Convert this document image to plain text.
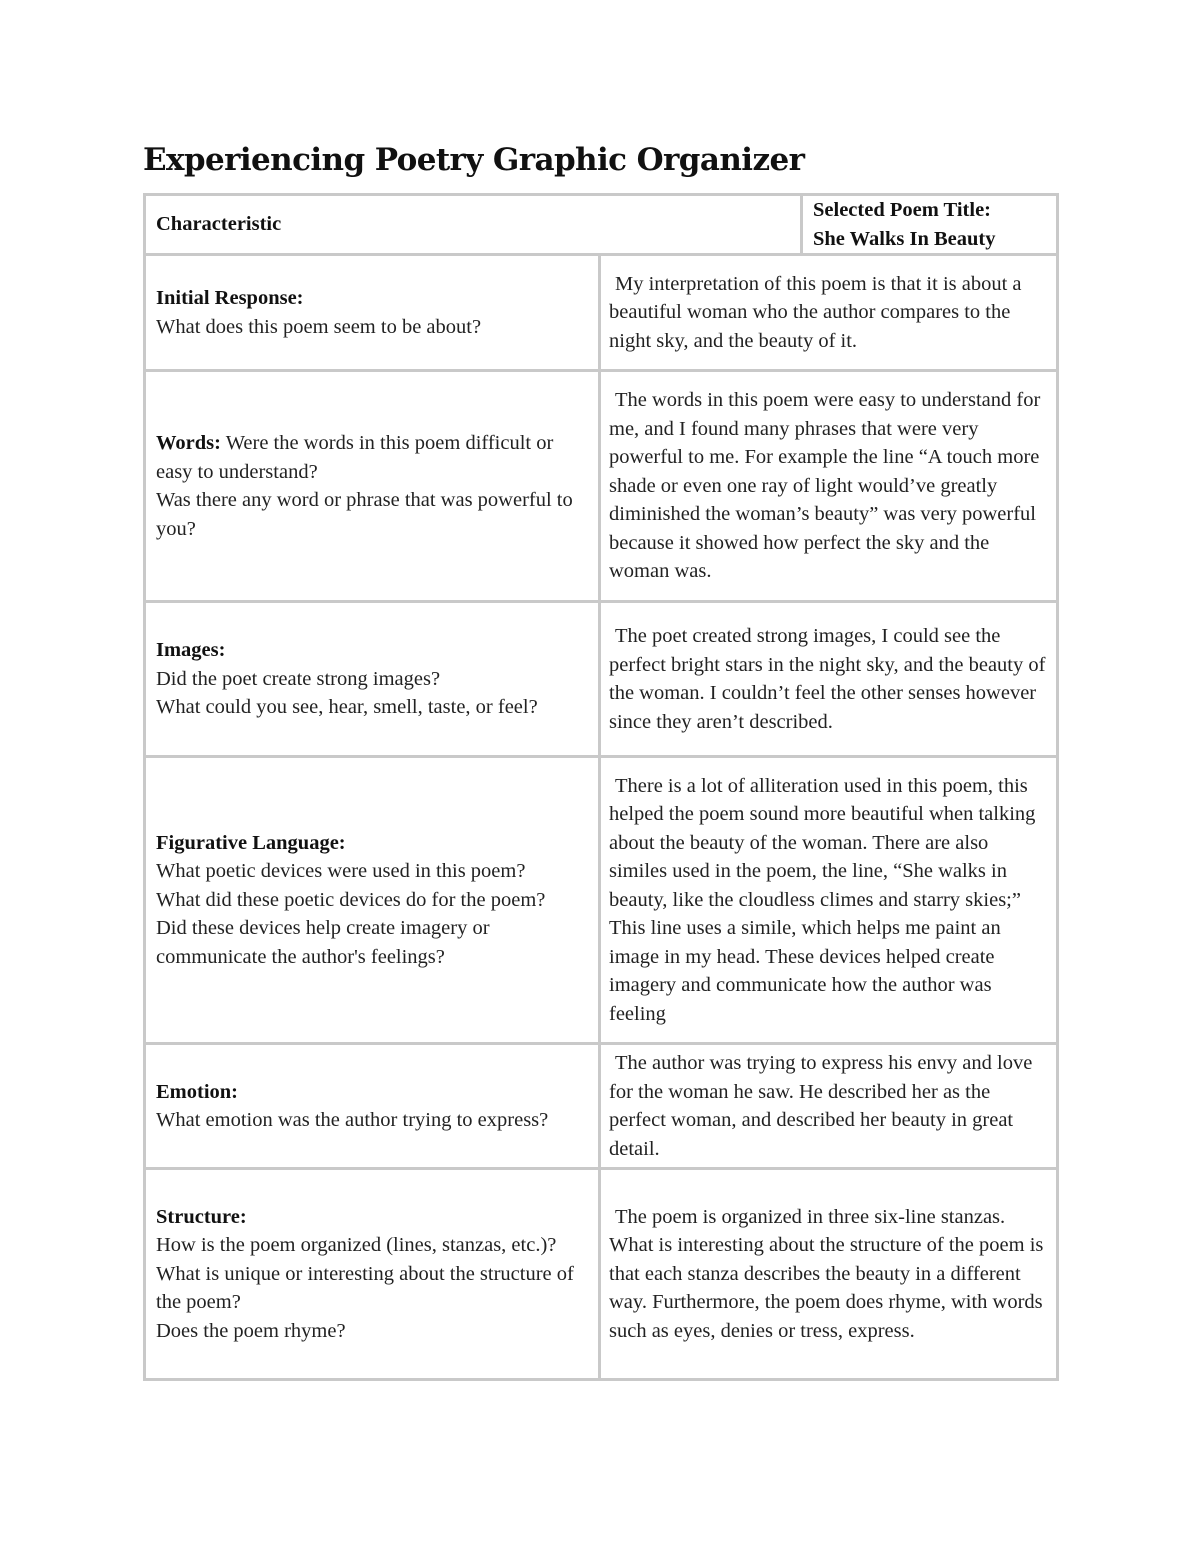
Experiencing Poetry Graphic Organizer
Characteristic
Selected Poem Title:
She Walks In Beauty
Initial Response:
What does this poem seem to be about?
My interpretation of this poem is that it is about a beautiful woman who the author compares to the night sky, and the beauty of it.
Words: Were the words in this poem difficult or easy to understand?
Was there any word or phrase that was powerful to you?
The words in this poem were easy to understand for me, and I found many phrases that were very powerful to me. For example the line “A touch more shade or even one ray of light would’ve greatly diminished the woman’s beauty” was very powerful because it showed how perfect the sky and the woman was.
Images:
Did the poet create strong images?
What could you see, hear, smell, taste, or feel?
The poet created strong images, I could see the perfect bright stars in the night sky, and the beauty of the woman. I couldn’t feel the other senses however since they aren’t described.
Figurative Language:
What poetic devices were used in this poem?
What did these poetic devices do for the poem?
Did these devices help create imagery or communicate the author's feelings?
There is a lot of alliteration used in this poem, this helped the poem sound more beautiful when talking about the beauty of the woman. There are also similes used in the poem, the line, “She walks in beauty, like the cloudless climes and starry skies;” This line uses a simile, which helps me paint an image in my head. These devices helped create imagery and communicate how the author was feeling
Emotion:
What emotion was the author trying to express?
The author was trying to express his envy and love for the woman he saw. He described her as the perfect woman, and described her beauty in great detail.
Structure:
How is the poem organized (lines, stanzas, etc.)?
What is unique or interesting about the structure of the poem?
Does the poem rhyme?
The poem is organized in three six-line stanzas. What is interesting about the structure of the poem is that each stanza describes the beauty in a different way. Furthermore, the poem does rhyme, with words such as eyes, denies or tress, express.
